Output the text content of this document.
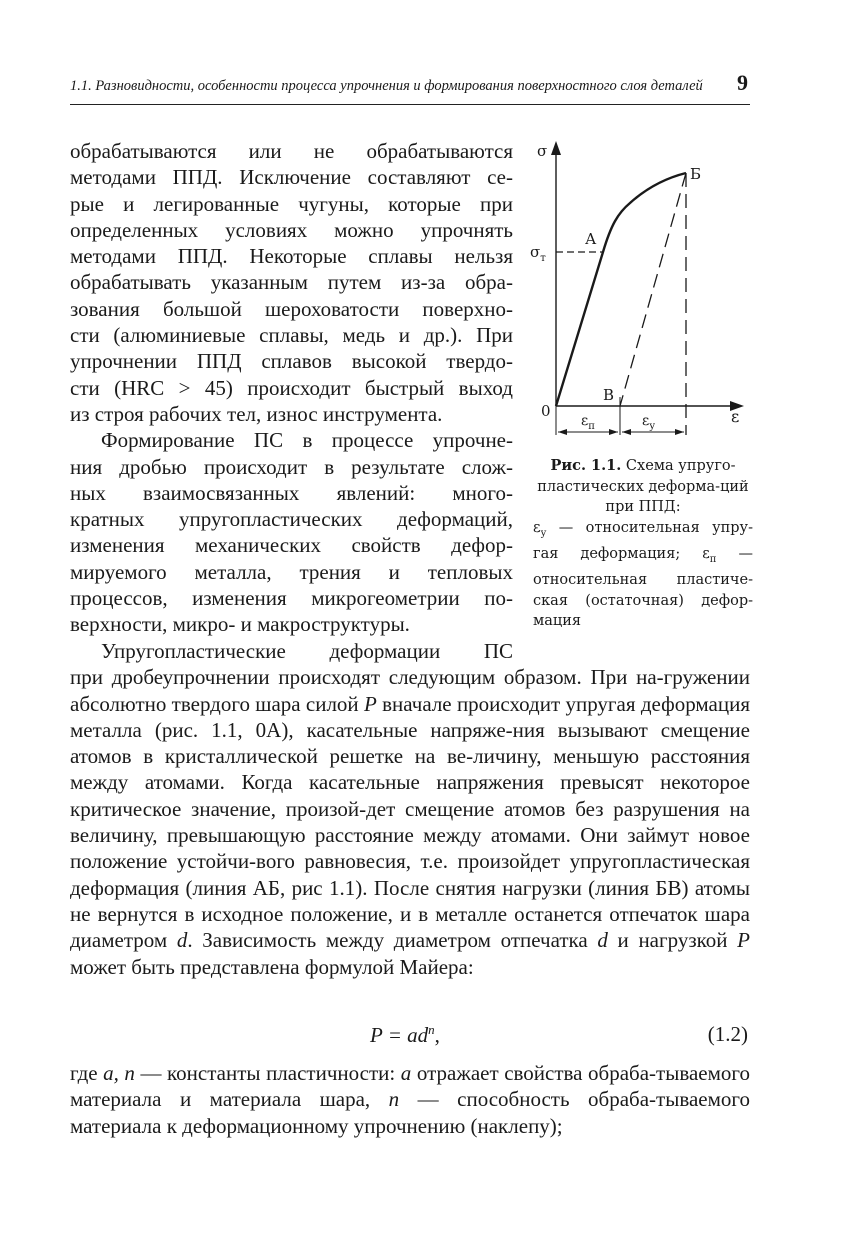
1.1. Разновидности, особенности процесса упрочнения и формирования поверхностного слоя деталей 9

обрабатываются или не обрабатываются
методами ППД. Исключение составляют се-
рые и легированные чугуны, которые при
определенных условиях можно упрочнять
методами ППД. Некоторые сплавы нельзя
обрабатывать указанным путем из-за обра-
зования большой шероховатости поверхно-
сти (алюминиевые сплавы, медь и др.). При
упрочнении ППД сплавов высокой твердо-
сти (HRC > 45) происходит быстрый выход
из строя рабочих тел, износ инструмента.

Формирование ПС в процессе упрочне-
ния дробью происходит в результате слож-
ных взаимосвязанных явлений: много-
кратных упругопластических деформаций,
изменения механических свойств дефор-
мируемого металла, трения и тепловых
процессов, изменения микрогеометрии по-
верхности, микро- и макроструктуры.

σ
ε
0
$\sigma_т$
А
Б
В
$\varepsilon_п$	$\varepsilon_у$
Рис. 1.1. Схема упруго-пластических деформа-ций при ППД:
$\varepsilon_у$ — относительная упру-гая деформация; $\varepsilon_п$ — относительная пластиче-ская (остаточная) дефор-мация

Упругопластические деформации ПС
при дробеупрочнении происходят следующим образом. При на-гружении абсолютно твердого шара силой P вначале происходит упругая деформация металла (рис. 1.1, 0А), касательные напряже-ния вызывают смещение атомов в кристаллической решетке на ве-личину, меньшую расстояния между атомами. Когда касательные напряжения превысят некоторое критическое значение, произой-дет смещение атомов без разрушения на величину, превышающую расстояние между атомами. Они займут новое положение устойчи-вого равновесия, т.е. произойдет упругопластическая деформация (линия АБ, рис 1.1). После снятия нагрузки (линия БВ) атомы не вернутся в исходное положение, и в металле останется отпечаток шара диаметром d. Зависимость между диаметром отпечатка d и нагрузкой P может быть представлена формулой Майера:

$P = ad^n$,	(1.2)

где a, n — константы пластичности: a отражает свойства обраба-тываемого материала и материала шара, n — способность обраба-тываемого материала к деформационному упрочнению (наклепу);
